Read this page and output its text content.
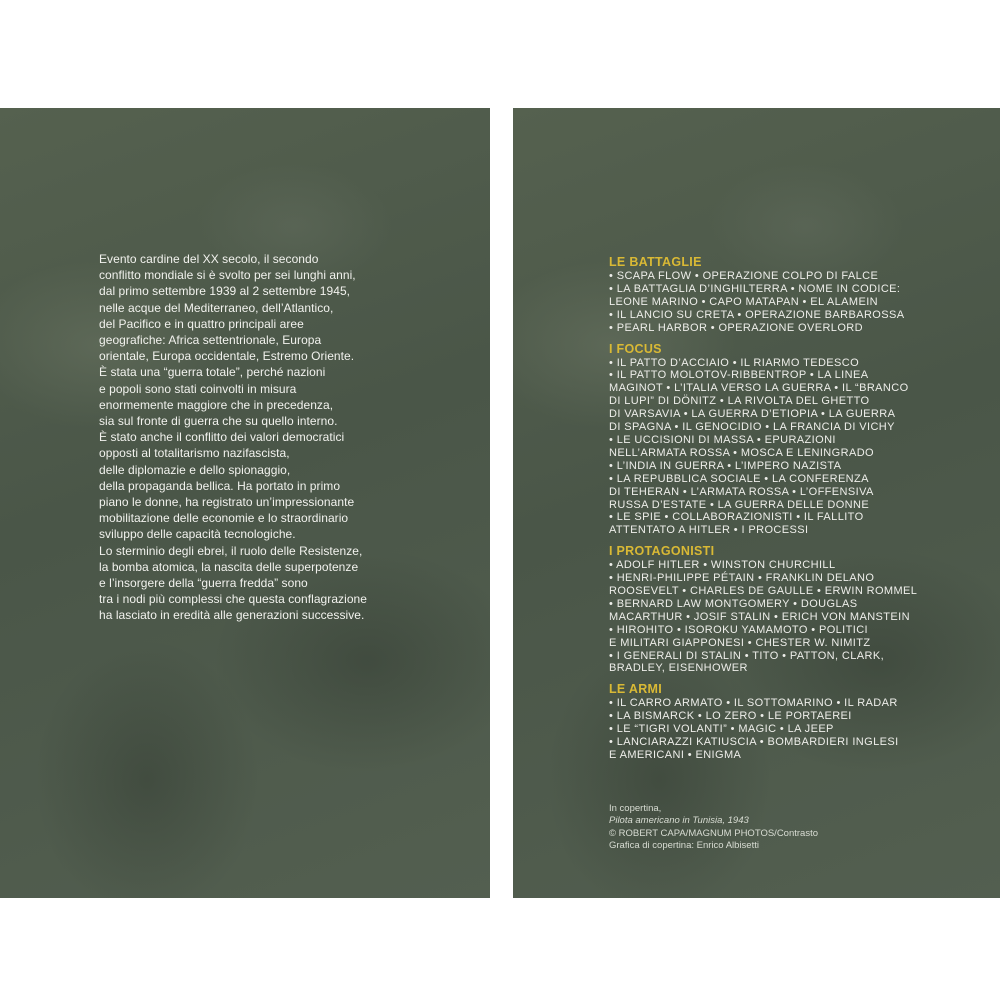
Evento cardine del XX secolo, il secondo
conflitto mondiale si è svolto per sei lunghi anni,
dal primo settembre 1939 al 2 settembre 1945,
nelle acque del Mediterraneo, dell’Atlantico,
del Pacifico e in quattro principali aree
geografiche: Africa settentrionale, Europa
orientale, Europa occidentale, Estremo Oriente.
È stata una “guerra totale”, perché nazioni
e popoli sono stati coinvolti in misura
enormemente maggiore che in precedenza,
sia sul fronte di guerra che su quello interno.
È stato anche il conflitto dei valori democratici
opposti al totalitarismo nazifascista,
delle diplomazie e dello spionaggio,
della propaganda bellica. Ha portato in primo
piano le donne, ha registrato un’impressionante
mobilitazione delle economie e lo straordinario
sviluppo delle capacità tecnologiche.
Lo sterminio degli ebrei, il ruolo delle Resistenze,
la bomba atomica, la nascita delle superpotenze
e l’insorgere della “guerra fredda” sono
tra i nodi più complessi che questa conflagrazione
ha lasciato in eredità alle generazioni successive.
LE BATTAGLIE
• SCAPA FLOW • OPERAZIONE COLPO DI FALCE
• LA BATTAGLIA D’INGHILTERRA • NOME IN CODICE:
LEONE MARINO • CAPO MATAPAN • EL ALAMEIN
• IL LANCIO SU CRETA • OPERAZIONE BARBAROSSA
• PEARL HARBOR • OPERAZIONE OVERLORD
I FOCUS
• IL PATTO D’ACCIAIO • IL RIARMO TEDESCO
• IL PATTO MOLOTOV-RIBBENTROP • LA LINEA
MAGINOT • L’ITALIA VERSO LA GUERRA • IL “BRANCO
DI LUPI” DI DÖNITZ • LA RIVOLTA DEL GHETTO
DI VARSAVIA • LA GUERRA D’ETIOPIA • LA GUERRA
DI SPAGNA • IL GENOCIDIO • LA FRANCIA DI VICHY
• LE UCCISIONI DI MASSA • EPURAZIONI
NELL’ARMATA ROSSA • MOSCA E LENINGRADO
• L’INDIA IN GUERRA • L’IMPERO NAZISTA
• LA REPUBBLICA SOCIALE • LA CONFERENZA
DI TEHERAN • L’ARMATA ROSSA • L’OFFENSIVA
RUSSA D’ESTATE • LA GUERRA DELLE DONNE
• LE SPIE • COLLABORAZIONISTI • IL FALLITO
ATTENTATO A HITLER • I PROCESSI
I PROTAGONISTI
• ADOLF HITLER • WINSTON CHURCHILL
• HENRI-PHILIPPE PÉTAIN • FRANKLIN DELANO
ROOSEVELT • CHARLES DE GAULLE • ERWIN ROMMEL
• BERNARD LAW MONTGOMERY • DOUGLAS
MACARTHUR • JOSIF STALIN • ERICH VON MANSTEIN
• HIROHITO • ISOROKU YAMAMOTO • POLITICI
E MILITARI GIAPPONESI • CHESTER W. NIMITZ
• I GENERALI DI STALIN • TITO • PATTON, CLARK,
BRADLEY, EISENHOWER
LE ARMI
• IL CARRO ARMATO • IL SOTTOMARINO • IL RADAR
• LA BISMARCK • LO ZERO • LE PORTAEREI
• LE “TIGRI VOLANTI” • MAGIC • LA JEEP
• LANCIARAZZI KATIUSCIA • BOMBARDIERI INGLESI
E AMERICANI • ENIGMA
In copertina,
Pilota americano in Tunisia, 1943
© ROBERT CAPA/MAGNUM PHOTOS/Contrasto
Grafica di copertina: Enrico Albisetti
